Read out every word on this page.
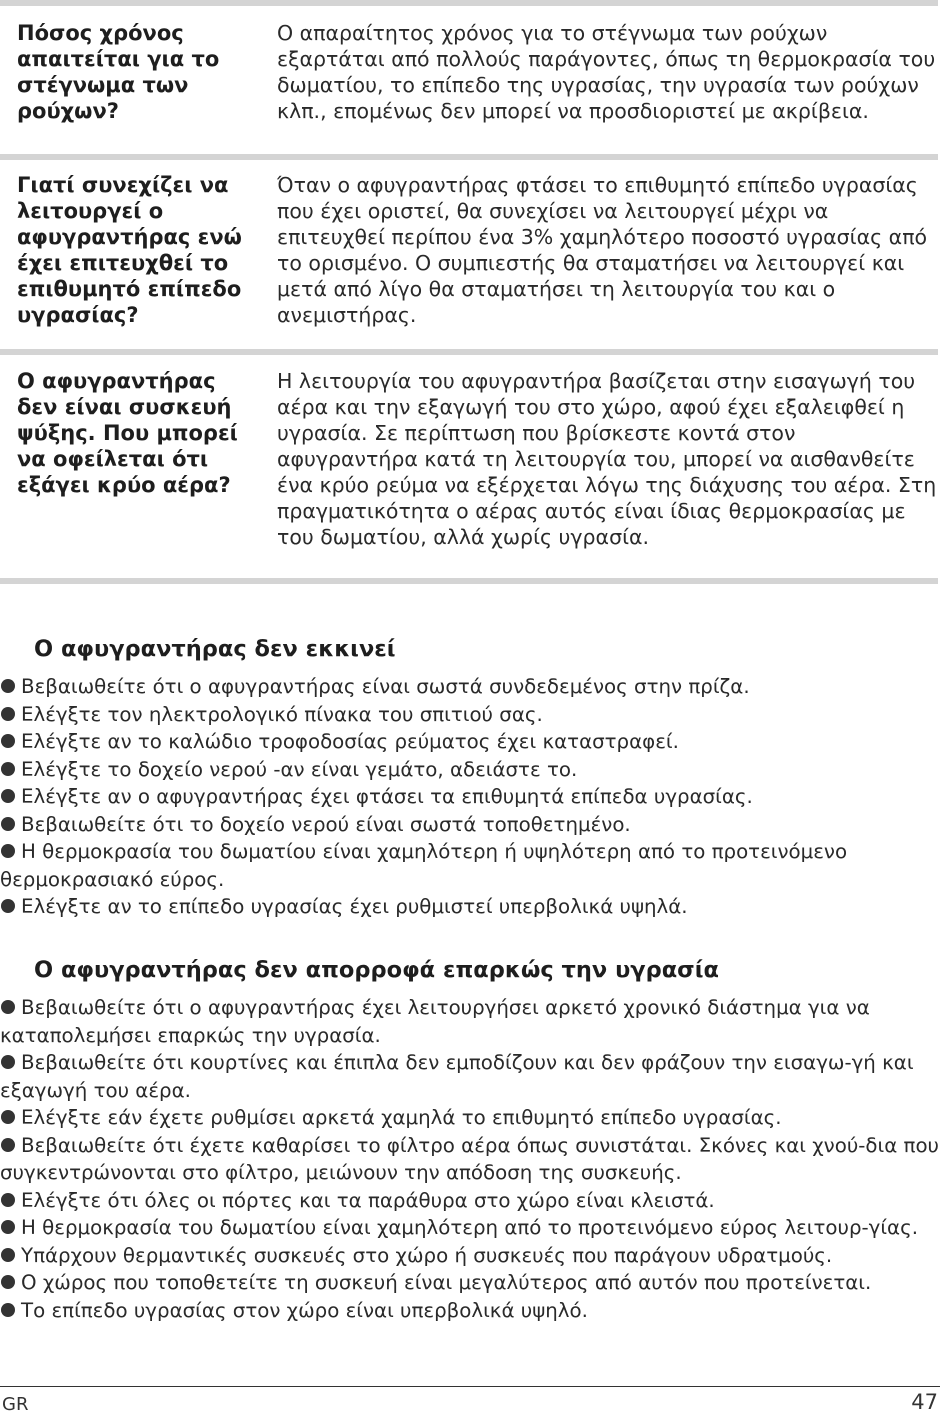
Πόσος χρόνος απαιτείται για το στέγνωμα των ρούχων?
Ο απαραίτητος χρόνος για το στέγνωμα των ρούχων εξαρτάται από πολλούς παράγοντες, όπως τη θερμοκρασία του δωματίου, το επίπεδο της υγρασίας, την υγρασία των ρούχων κλπ., επομένως δεν μπορεί να προσδιοριστεί με ακρίβεια.
Γιατί συνεχίζει να λειτουργεί ο αφυγραντήρας ενώ έχει επιτευχθεί το επιθυμητό επίπεδο υγρασίας?
Όταν ο αφυγραντήρας φτάσει το επιθυμητό επίπεδο υγρασίας που έχει οριστεί, θα συνεχίσει να λειτουργεί μέχρι να επιτευχθεί περίπου ένα 3% χαμηλότερο ποσοστό υγρασίας από το ορισμένο. Ο συμπιεστής θα σταματήσει να λειτουργεί και μετά από λίγο θα σταματήσει τη λειτουργία του και ο ανεμιστήρας.
Ο αφυγραντήρας δεν είναι συσκευή ψύξης. Που μπορεί να οφείλεται ότι εξάγει κρύο αέρα?
Η λειτουργία του αφυγραντήρα βασίζεται στην εισαγωγή του αέρα και την εξαγωγή του στο χώρο, αφού έχει εξαλειφθεί η υγρασία. Σε περίπτωση που βρίσκεστε κοντά στον αφυγραντήρα κατά τη λειτουργία του, μπορεί να αισθανθείτε ένα κρύο ρεύμα να εξέρχεται λόγω της διάχυσης του αέρα. Στη πραγματικότητα ο αέρας αυτός είναι ίδιας θερμοκρασίας με του δωματίου, αλλά χωρίς υγρασία.
Ο αφυγραντήρας δεν εκκινεί
Βεβαιωθείτε ότι ο αφυγραντήρας είναι σωστά συνδεδεμένος στην πρίζα.
Ελέγξτε τον ηλεκτρολογικό πίνακα του σπιτιού σας.
Ελέγξτε αν το καλώδιο τροφοδοσίας ρεύματος έχει καταστραφεί.
Ελέγξτε το δοχείο νερού -αν είναι γεμάτο, αδειάστε το.
Ελέγξτε αν ο αφυγραντήρας έχει φτάσει τα επιθυμητά επίπεδα υγρασίας.
Βεβαιωθείτε ότι το δοχείο νερού είναι σωστά τοποθετημένο.
Η θερμοκρασία του δωματίου είναι χαμηλότερη ή υψηλότερη από το προτεινόμενο θερμοκρασιακό εύρος.
Ελέγξτε αν το επίπεδο υγρασίας έχει ρυθμιστεί υπερβολικά υψηλά.
Ο αφυγραντήρας δεν απορροφά επαρκώς την υγρασία
Βεβαιωθείτε ότι ο αφυγραντήρας έχει λειτουργήσει αρκετό χρονικό διάστημα για να καταπολεμήσει επαρκώς την υγρασία.
Βεβαιωθείτε ότι κουρτίνες και έπιπλα δεν εμποδίζουν και δεν φράζουν την εισαγω-γή και εξαγωγή του αέρα.
Ελέγξτε εάν έχετε ρυθμίσει αρκετά χαμηλά το επιθυμητό επίπεδο υγρασίας.
Βεβαιωθείτε ότι έχετε καθαρίσει το φίλτρο αέρα όπως συνιστάται. Σκόνες και χνού-δια που συγκεντρώνονται στο φίλτρο, μειώνουν την απόδοση της συσκευής.
Ελέγξτε ότι όλες οι πόρτες και τα παράθυρα στο χώρο είναι κλειστά.
Η θερμοκρασία του δωματίου είναι χαμηλότερη από το προτεινόμενο εύρος λειτουρ-γίας.
Υπάρχουν θερμαντικές συσκευές στο χώρο ή συσκευές που παράγουν υδρατμούς.
Ο χώρος που τοποθετείτε τη συσκευή είναι μεγαλύτερος από αυτόν που προτείνεται.
Το επίπεδο υγρασίας στον χώρο είναι υπερβολικά υψηλό.
GR	47
